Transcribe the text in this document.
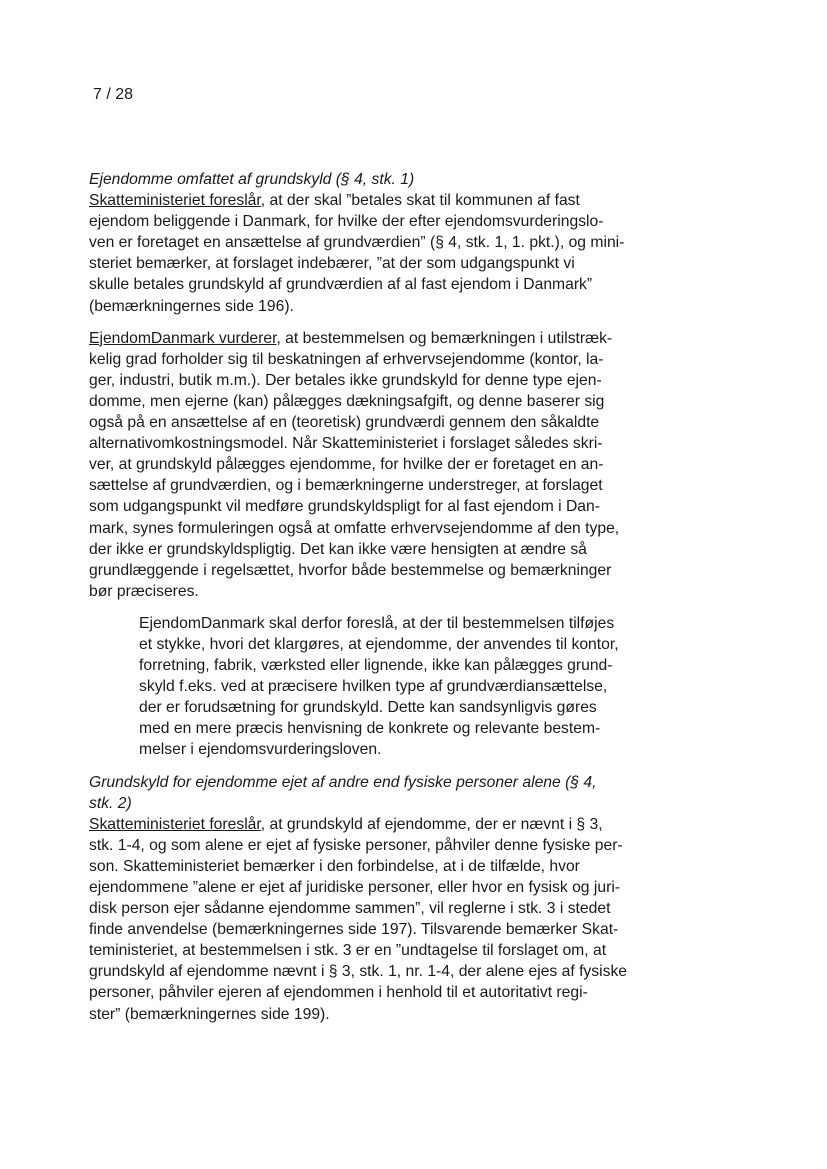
7 / 28

Ejendomme omfattet af grundskyld (§ 4, stk. 1)

Skatteministeriet foreslår, at der skal ”betales skat til kommunen af fast
ejendom beliggende i Danmark, for hvilke der efter ejendomsvurderingslo-
ven er foretaget en ansættelse af grundværdien” (§ 4, stk. 1, 1. pkt.), og mini-
steriet bemærker, at forslaget indebærer, ”at der som udgangspunkt vi
skulle betales grundskyld af grundværdien af al fast ejendom i Danmark”
(bemærkningernes side 196).

EjendomDanmark vurderer, at bestemmelsen og bemærkningen i utilstræk-
kelig grad forholder sig til beskatningen af erhvervsejendomme (kontor, la-
ger, industri, butik m.m.). Der betales ikke grundskyld for denne type ejen-
domme, men ejerne (kan) pålægges dækningsafgift, og denne baserer sig
også på en ansættelse af en (teoretisk) grundværdi gennem den såkaldte
alternativomkostningsmodel. Når Skatteministeriet i forslaget således skri-
ver, at grundskyld pålægges ejendomme, for hvilke der er foretaget en an-
sættelse af grundværdien, og i bemærkningerne understreger, at forslaget
som udgangspunkt vil medføre grundskyldspligt for al fast ejendom i Dan-
mark, synes formuleringen også at omfatte erhvervsejendomme af den type,
der ikke er grundskyldspligtig. Det kan ikke være hensigten at ændre så
grundlæggende i regelsættet, hvorfor både bestemmelse og bemærkninger
bør præciseres.

EjendomDanmark skal derfor foreslå, at der til bestemmelsen tilføjes
et stykke, hvori det klargøres, at ejendomme, der anvendes til kontor,
forretning, fabrik, værksted eller lignende, ikke kan pålægges grund-
skyld f.eks. ved at præcisere hvilken type af grundværdiansættelse,
der er forudsætning for grundskyld. Dette kan sandsynligvis gøres
med en mere præcis henvisning de konkrete og relevante bestem-
melser i ejendomsvurderingsloven.

Grundskyld for ejendomme ejet af andre end fysiske personer alene (§ 4,
stk. 2)

Skatteministeriet foreslår, at grundskyld af ejendomme, der er nævnt i § 3,
stk. 1-4, og som alene er ejet af fysiske personer, påhviler denne fysiske per-
son. Skatteministeriet bemærker i den forbindelse, at i de tilfælde, hvor
ejendommene ”alene er ejet af juridiske personer, eller hvor en fysisk og juri-
disk person ejer sådanne ejendomme sammen”, vil reglerne i stk. 3 i stedet
finde anvendelse (bemærkningernes side 197). Tilsvarende bemærker Skat-
teministeriet, at bestemmelsen i stk. 3 er en ”undtagelse til forslaget om, at
grundskyld af ejendomme nævnt i § 3, stk. 1, nr. 1-4, der alene ejes af fysiske
personer, påhviler ejeren af ejendommen i henhold til et autoritativt regi-
ster” (bemærkningernes side 199).
